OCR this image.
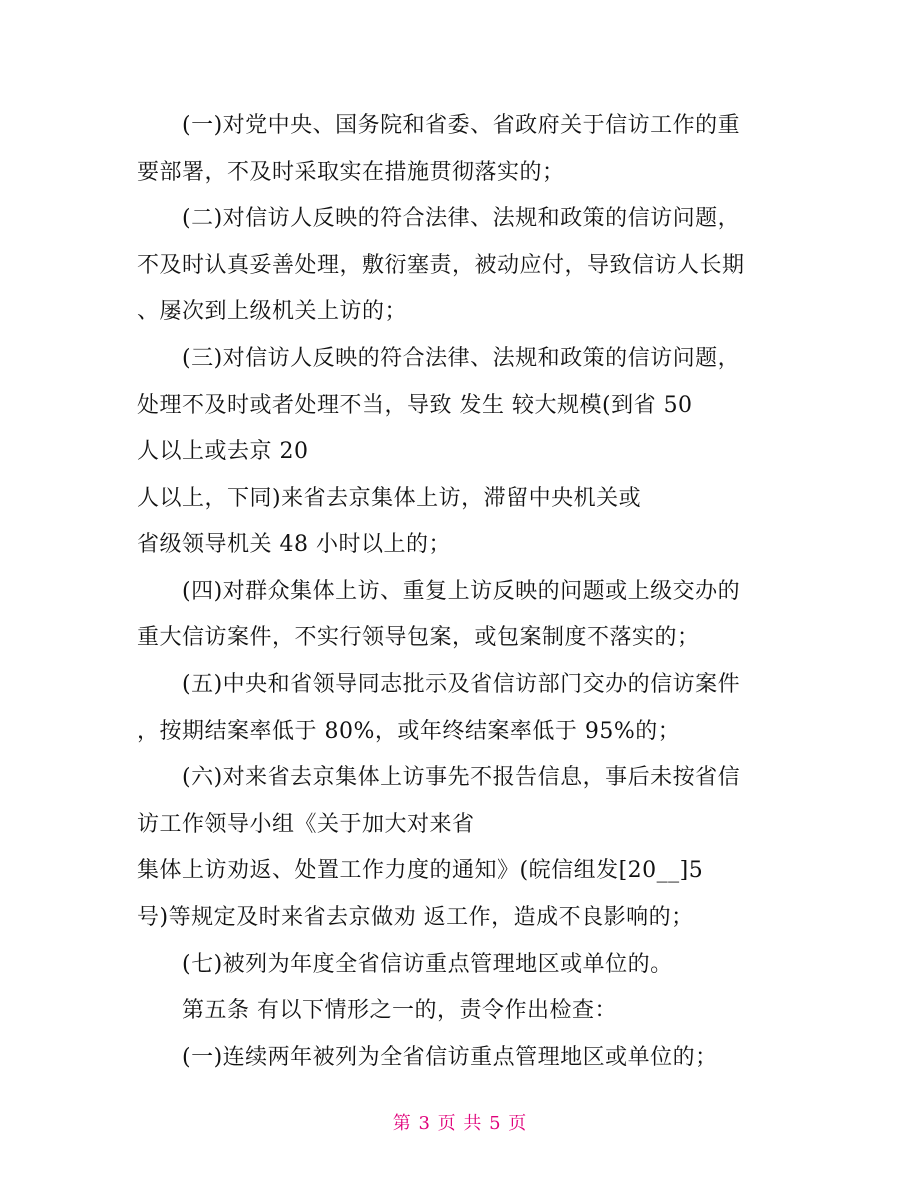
(一)对党中央、国务院和省委、省政府关于信访工作的重
要部署，不及时采取实在措施贯彻落实的；
(二)对信访人反映的符合法律、法规和政策的信访问题，
不及时认真妥善处理，敷衍塞责，被动应付，导致信访人长期
、屡次到上级机关上访的；
(三)对信访人反映的符合法律、法规和政策的信访问题，
处理不及时或者处理不当，导致 发生 较大规模(到省 50
人以上或去京 20
人以上，下同)来省去京集体上访，滞留中央机关或
省级领导机关 48 小时以上的；
(四)对群众集体上访、重复上访反映的问题或上级交办的
重大信访案件，不实行领导包案，或包案制度不落实的；
(五)中央和省领导同志批示及省信访部门交办的信访案件
，按期结案率低于 80%，或年终结案率低于 95%的；
(六)对来省去京集体上访事先不报告信息，事后未按省信
访工作领导小组《关于加大对来省
集体上访劝返、处置工作力度的通知》(皖信组发[20__]5
号)等规定及时来省去京做劝 返工作，造成不良影响的；
(七)被列为年度全省信访重点管理地区或单位的。
第五条 有以下情形之一的，责令作出检查：
(一)连续两年被列为全省信访重点管理地区或单位的；
第 3 页 共 5 页
